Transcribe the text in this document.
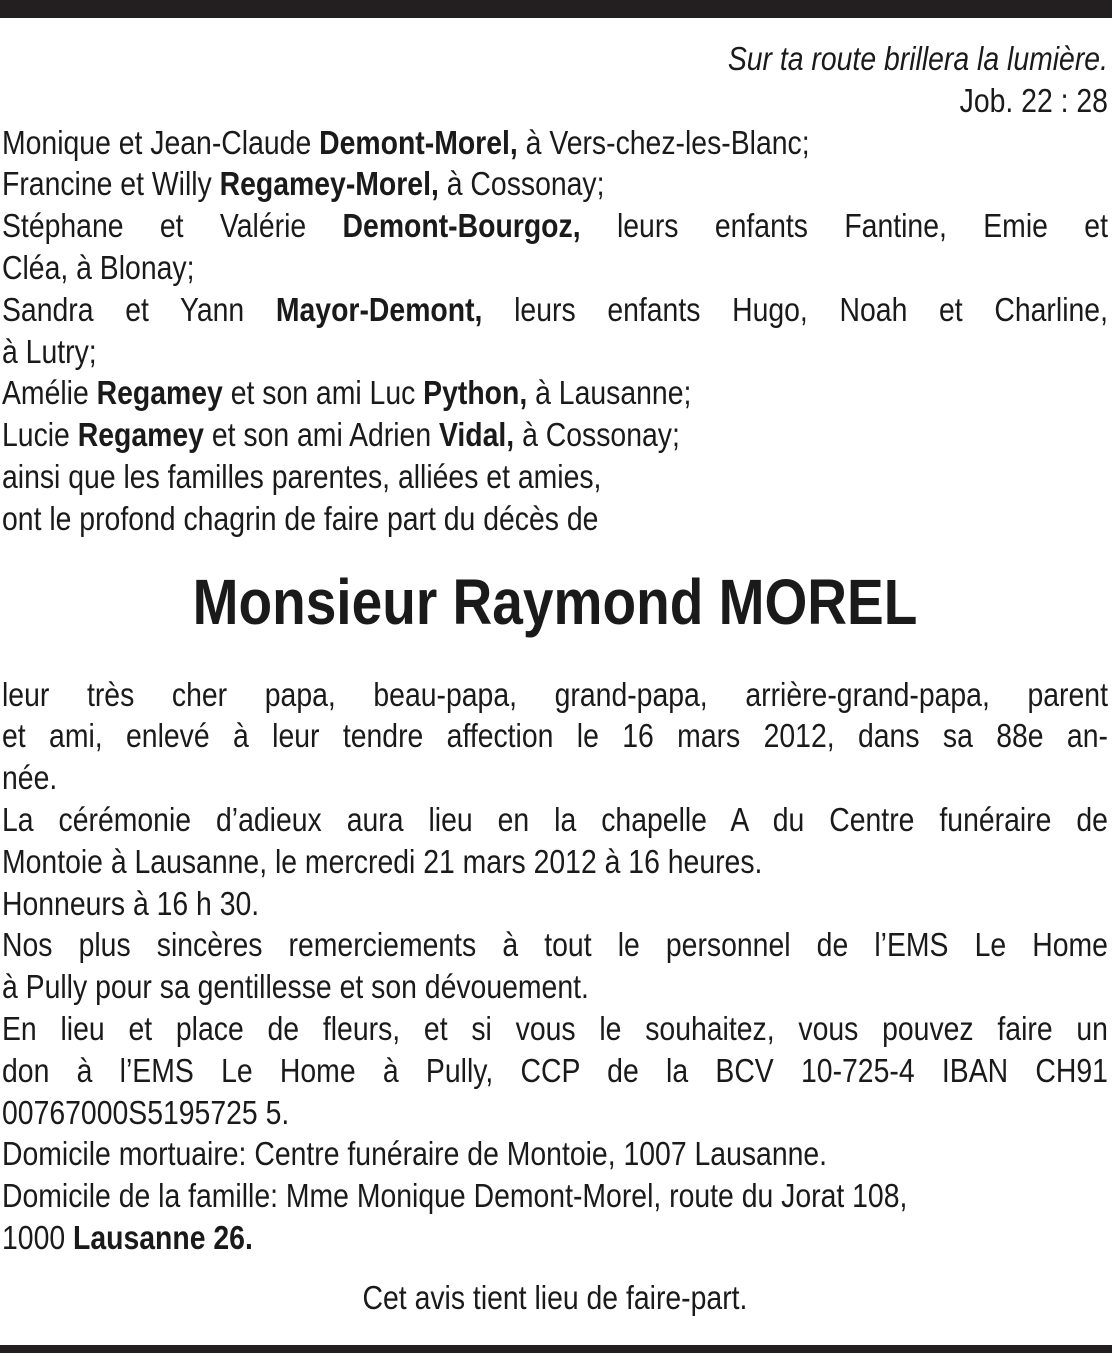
Sur ta route brillera la lumière.
Job. 22 : 28
Monique et Jean-Claude Demont-Morel, à Vers-chez-les-Blanc;
Francine et Willy Regamey-Morel, à Cossonay;
Stéphane et Valérie Demont-Bourgoz, leurs enfants Fantine, Emie et
Cléa, à Blonay;
Sandra et Yann Mayor-Demont, leurs enfants Hugo, Noah et Charline,
à Lutry;
Amélie Regamey et son ami Luc Python, à Lausanne;
Lucie Regamey et son ami Adrien Vidal, à Cossonay;
ainsi que les familles parentes, alliées et amies,
ont le profond chagrin de faire part du décès de
Monsieur Raymond MOREL
leur très cher papa, beau-papa, grand-papa, arrière-grand-papa, parent
et ami, enlevé à leur tendre affection le 16 mars 2012, dans sa 88e an-
née.
La cérémonie d’adieux aura lieu en la chapelle A du Centre funéraire de
Montoie à Lausanne, le mercredi 21 mars 2012 à 16 heures.
Honneurs à 16 h 30.
Nos plus sincères remerciements à tout le personnel de l’EMS Le Home
à Pully pour sa gentillesse et son dévouement.
En lieu et place de fleurs, et si vous le souhaitez, vous pouvez faire un
don à l’EMS Le Home à Pully, CCP de la BCV 10-725-4 IBAN CH91
00767000S5195725 5.
Domicile mortuaire: Centre funéraire de Montoie, 1007 Lausanne.
Domicile de la famille: Mme Monique Demont-Morel, route du Jorat 108,
1000 Lausanne 26.
Cet avis tient lieu de faire-part.
